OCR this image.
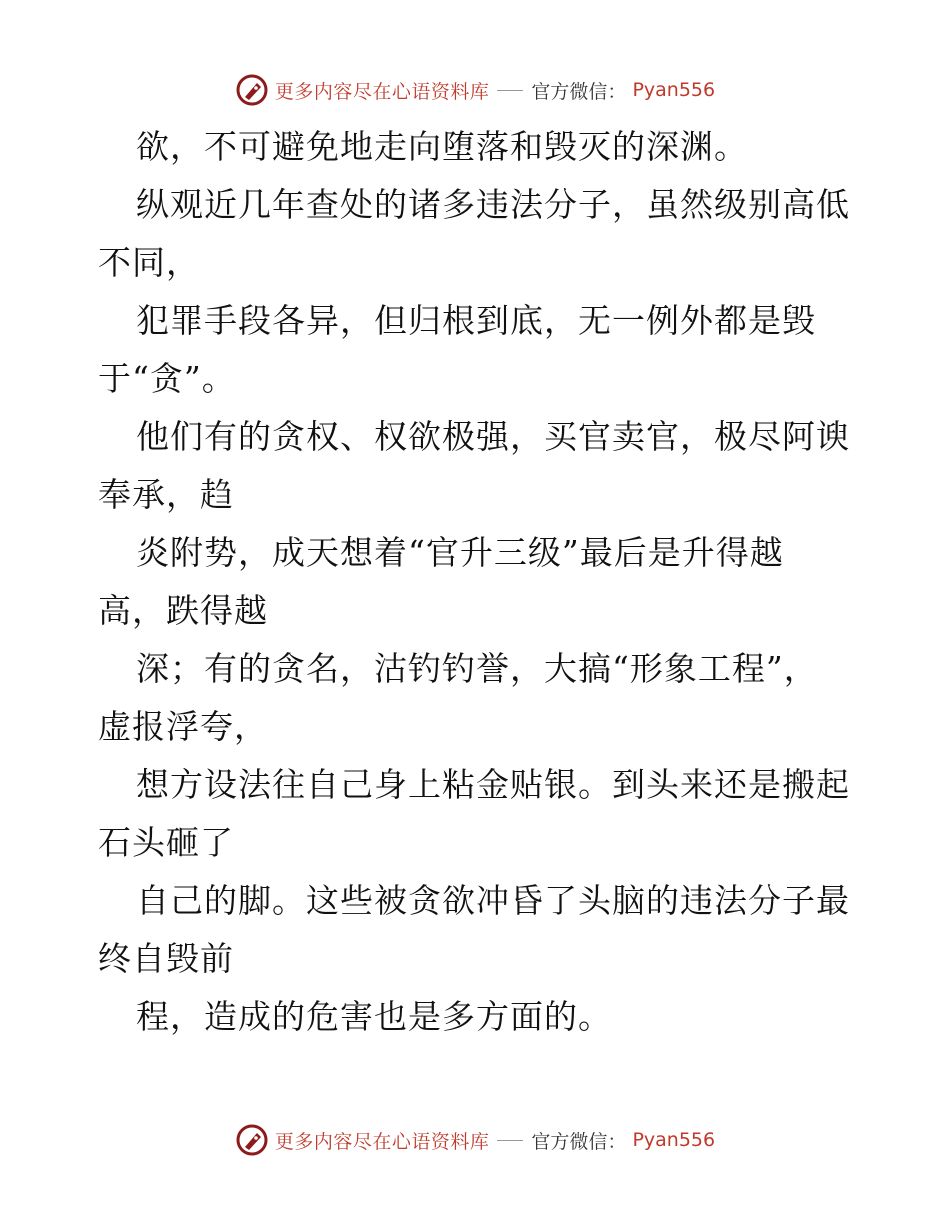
更多内容尽在心语资料库 官方微信： Pyan556
欲，不可避免地走向堕落和毁灭的深渊。
纵观近几年查处的诸多违法分子，虽然级别高低
不同，
犯罪手段各异，但归根到底，无一例外都是毁
于“贪”。
他们有的贪权、权欲极强，买官卖官，极尽阿谀
奉承，趋
炎附势，成天想着“官升三级”最后是升得越
高，跌得越
深；有的贪名，沽钓钓誉，大搞“形象工程”，
虚报浮夸，
想方设法往自己身上粘金贴银。到头来还是搬起
石头砸了
自己的脚。这些被贪欲冲昏了头脑的违法分子最
终自毁前
程，造成的危害也是多方面的。
更多内容尽在心语资料库 官方微信： Pyan556
